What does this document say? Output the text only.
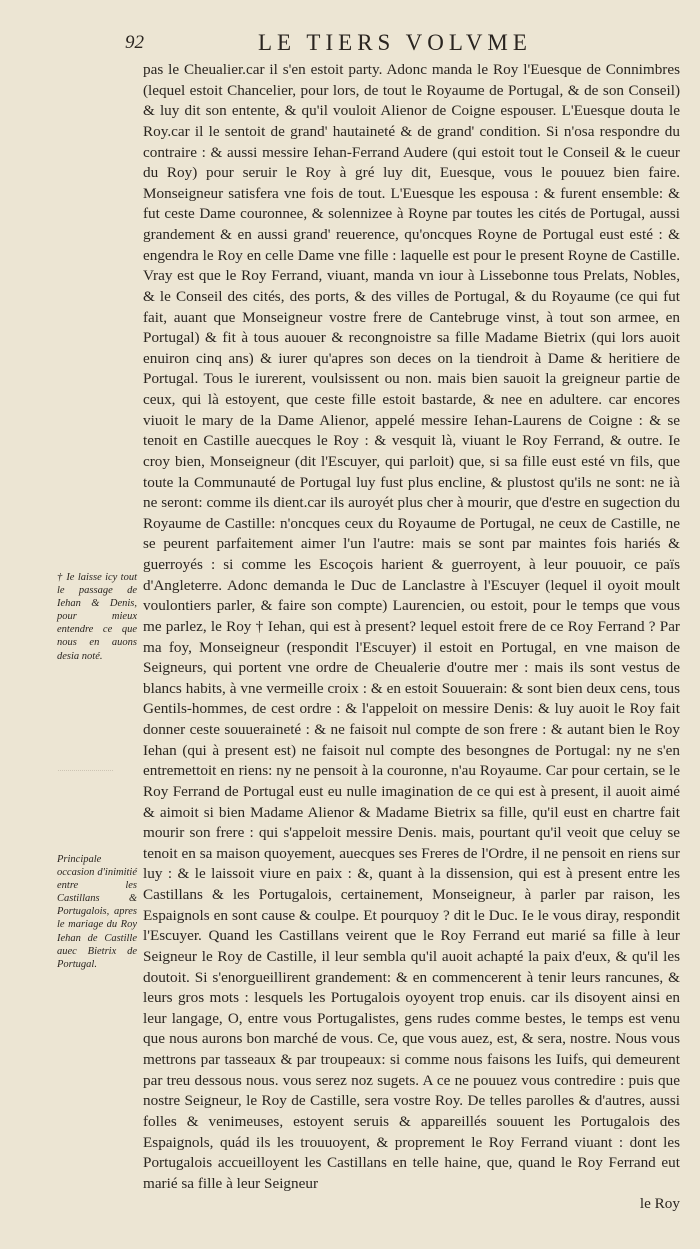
92	LE TIERS VOLVME

pas le Cheualier.car il s'en estoit party. Adonc manda le Roy l'Euesque de Connimbres (lequel estoit Chancelier, pour lors, de tout le Royaume de Portugal, & de son Conseil) & luy dit son entente, & qu'il vouloit Alienor de Coigne espouser. L'Euesque douta le Roy.car il le sentoit de grand' hautaineté & de grand' condition. Si n'osa respondre du contraire : & aussi messire Iehan-Ferrand Audere (qui estoit tout le Conseil & le cueur du Roy) pour seruir le Roy à gré luy dit, Euesque, vous le pouuez bien faire. Monseigneur satisfera vne fois de tout. L'Euesque les espousa : & furent ensemble: & fut ceste Dame couronnee, & solennizee à Royne par toutes les cités de Portugal, aussi grandement & en aussi grand' reuerence, qu'oncques Royne de Portugal eust esté : & engendra le Roy en celle Dame vne fille : laquelle est pour le present Royne de Castille. Vray est que le Roy Ferrand, viuant, manda vn iour à Lissebonne tous Prelats, Nobles, & le Conseil des cités, des ports, & des villes de Portugal, & du Royaume (ce qui fut fait, auant que Monseigneur vostre frere de Cantebruge vinst, à tout son armee, en Portugal) & fit à tous auouer & recongnoistre sa fille Madame Bietrix (qui lors auoit enuiron cinq ans) & iurer qu'apres son deces on la tiendroit à Dame & heritiere de Portugal. Tous le iurerent, voulsissent ou non. mais bien sauoit la greigneur partie de ceux, qui là estoyent, que ceste fille estoit bastarde, & nee en adultere. car encores viuoit le mary de la Dame Alienor, appelé messire Iehan-Laurens de Coigne : & se tenoit en Castille auecques le Roy : & vesquit là, viuant le Roy Ferrand, & outre. Ie croy bien, Monseigneur (dit l'Escuyer, qui parloit) que, si sa fille eust esté vn fils, que toute la Communauté de Portugal luy fust plus encline, & plustost qu'ils ne sont: ne ià ne seront: comme ils dient.car ils auroyét plus cher à mourir, que d'estre en sugection du Royaume de Castille: n'oncques ceux du Royaume de Portugal, ne ceux de Castille, ne se peurent parfaitement aimer l'un l'autre: mais se sont par maintes fois hariés & guerroyés : si comme les Escoçois harient & guerroyent, à leur pouuoir, ce païs d'Angleterre. Adonc demanda le Duc de Lanclastre à l'Escuyer (lequel il oyoit moult voulontiers parler, & faire son compte) Laurencien, ou estoit, pour le temps que vous me parlez, le Roy † Iehan, qui est à present? lequel estoit frere de ce Roy Ferrand ? Par ma foy, Monseigneur (respondit l'Escuyer) il estoit en Portugal, en vne maison de Seigneurs, qui portent vne ordre de Cheualerie d'outre mer : mais ils sont vestus de blancs habits, à vne vermeille croix : & en estoit Souuerain: & sont bien deux cens, tous Gentils-hommes, de cest ordre : & l'appeloit on messire Denis: & luy auoit le Roy fait donner ceste souueraineté : & ne faisoit nul compte de son frere : & autant bien le Roy Iehan (qui à present est) ne faisoit nul compte des besongnes de Portugal: ny ne s'en entremettoit en riens: ny ne pensoit à la couronne, n'au Royaume. Car pour certain, se le Roy Ferrand de Portugal eust eu nulle imagination de ce qui est à present, il auoit aimé & aimoit si bien Madame Alienor & Madame Bietrix sa fille, qu'il eust en chartre fait mourir son frere : qui s'appeloit messire Denis. mais, pourtant qu'il veoit que celuy se tenoit en sa maison quoyement, auecques ses Freres de l'Ordre, il ne pensoit en riens sur luy : & le laissoit viure en paix : &, quant à la dissension, qui est à present entre les Castillans & les Portugalois, certainement, Monseigneur, à parler par raison, les Espaignols en sont cause & coulpe. Et pourquoy ? dit le Duc. Ie le vous diray, respondit l'Escuyer. Quand les Castillans veirent que le Roy Ferrand eut marié sa fille à leur Seigneur le Roy de Castille, il leur sembla qu'il auoit achapté la paix d'eux, & qu'il les doutoit. Si s'enorgueillirent grandement: & en commencerent à tenir leurs rancunes, & leurs gros mots : lesquels les Portugalois oyoyent trop enuis. car ils disoyent ainsi en leur langage, O, entre vous Portugalistes, gens rudes comme bestes, le temps est venu que nous aurons bon marché de vous. Ce, que vous auez, est, & sera, nostre. Nous vous mettrons par tasseaux & par troupeaux: si comme nous faisons les Iuifs, qui demeurent par treu dessous nous. vous serez noz sugets. A ce ne pouuez vous contredire : puis que nostre Seigneur, le Roy de Castille, sera vostre Roy. De telles parolles & d'autres, aussi folles & venimeuses, estoyent seruis & appareillés souuent les Portugalois des Espaignols, quád ils les trouuoyent, & proprement le Roy Ferrand viuant : dont les Portugalois accueilloyent les Castillans en telle haine, que, quand le Roy Ferrand eut marié sa fille à leur Seigneur

le Roy

† Ie laisse icy tout le passage de Iehan & Denis, pour mieux entendre ce que nous en auons desia noté.
Principale occasion d'inimitié entre les Castillans & Portugalois, apres le mariage du Roy Iehan de Castille auec Bietrix de Portugal.
